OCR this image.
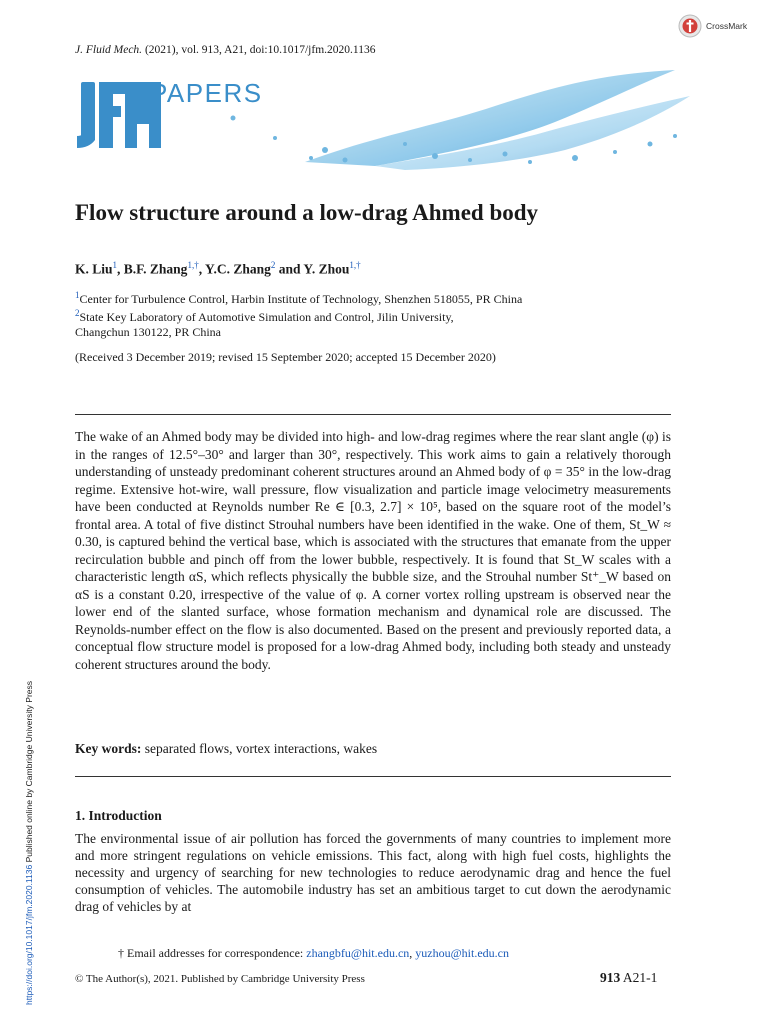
J. Fluid Mech. (2021), vol. 913, A21, doi:10.1017/jfm.2020.1136
CrossMark
PAPERS
Flow structure around a low-drag Ahmed body
K. Liu$^1$, B.F. Zhang$^{1,\dagger}$, Y.C. Zhang$^2$ and Y. Zhou$^{1,\dagger}$
$^1$Center for Turbulence Control, Harbin Institute of Technology, Shenzhen 518055, PR China
$^2$State Key Laboratory of Automotive Simulation and Control, Jilin University,
Changchun 130122, PR China
(Received 3 December 2019; revised 15 September 2020; accepted 15 December 2020)
The wake of an Ahmed body may be divided into high- and low-drag regimes where the rear slant angle (φ) is in the ranges of 12.5°–30° and larger than 30°, respectively. This work aims to gain a relatively thorough understanding of unsteady predominant coherent structures around an Ahmed body of φ = 35° in the low-drag regime. Extensive hot-wire, wall pressure, flow visualization and particle image velocimetry measurements have been conducted at Reynolds number Re ∈ [0.3, 2.7] × 10⁵, based on the square root of the model’s frontal area. A total of five distinct Strouhal numbers have been identified in the wake. One of them, St_W ≈ 0.30, is captured behind the vertical base, which is associated with the structures that emanate from the upper recirculation bubble and pinch off from the lower bubble, respectively. It is found that St_W scales with a characteristic length αS, which reflects physically the bubble size, and the Strouhal number St⁺_W based on αS is a constant 0.20, irrespective of the value of φ. A corner vortex rolling upstream is observed near the lower end of the slanted surface, whose formation mechanism and dynamical role are discussed. The Reynolds-number effect on the flow is also documented. Based on the present and previously reported data, a conceptual flow structure model is proposed for a low-drag Ahmed body, including both steady and unsteady coherent structures around the body.
Key words: separated flows, vortex interactions, wakes
1. Introduction
The environmental issue of air pollution has forced the governments of many countries to implement more and more stringent regulations on vehicle emissions. This fact, along with high fuel costs, highlights the necessity and urgency of searching for new technologies to reduce aerodynamic drag and hence the fuel consumption of vehicles. The automobile industry has set an ambitious target to cut down the aerodynamic drag of vehicles by at
† Email addresses for correspondence: zhangbfu@hit.edu.cn, yuzhou@hit.edu.cn
© The Author(s), 2021. Published by Cambridge University Press	913 A21-1
https://doi.org/10.1017/jfm.2020.1136 Published online by Cambridge University Press
